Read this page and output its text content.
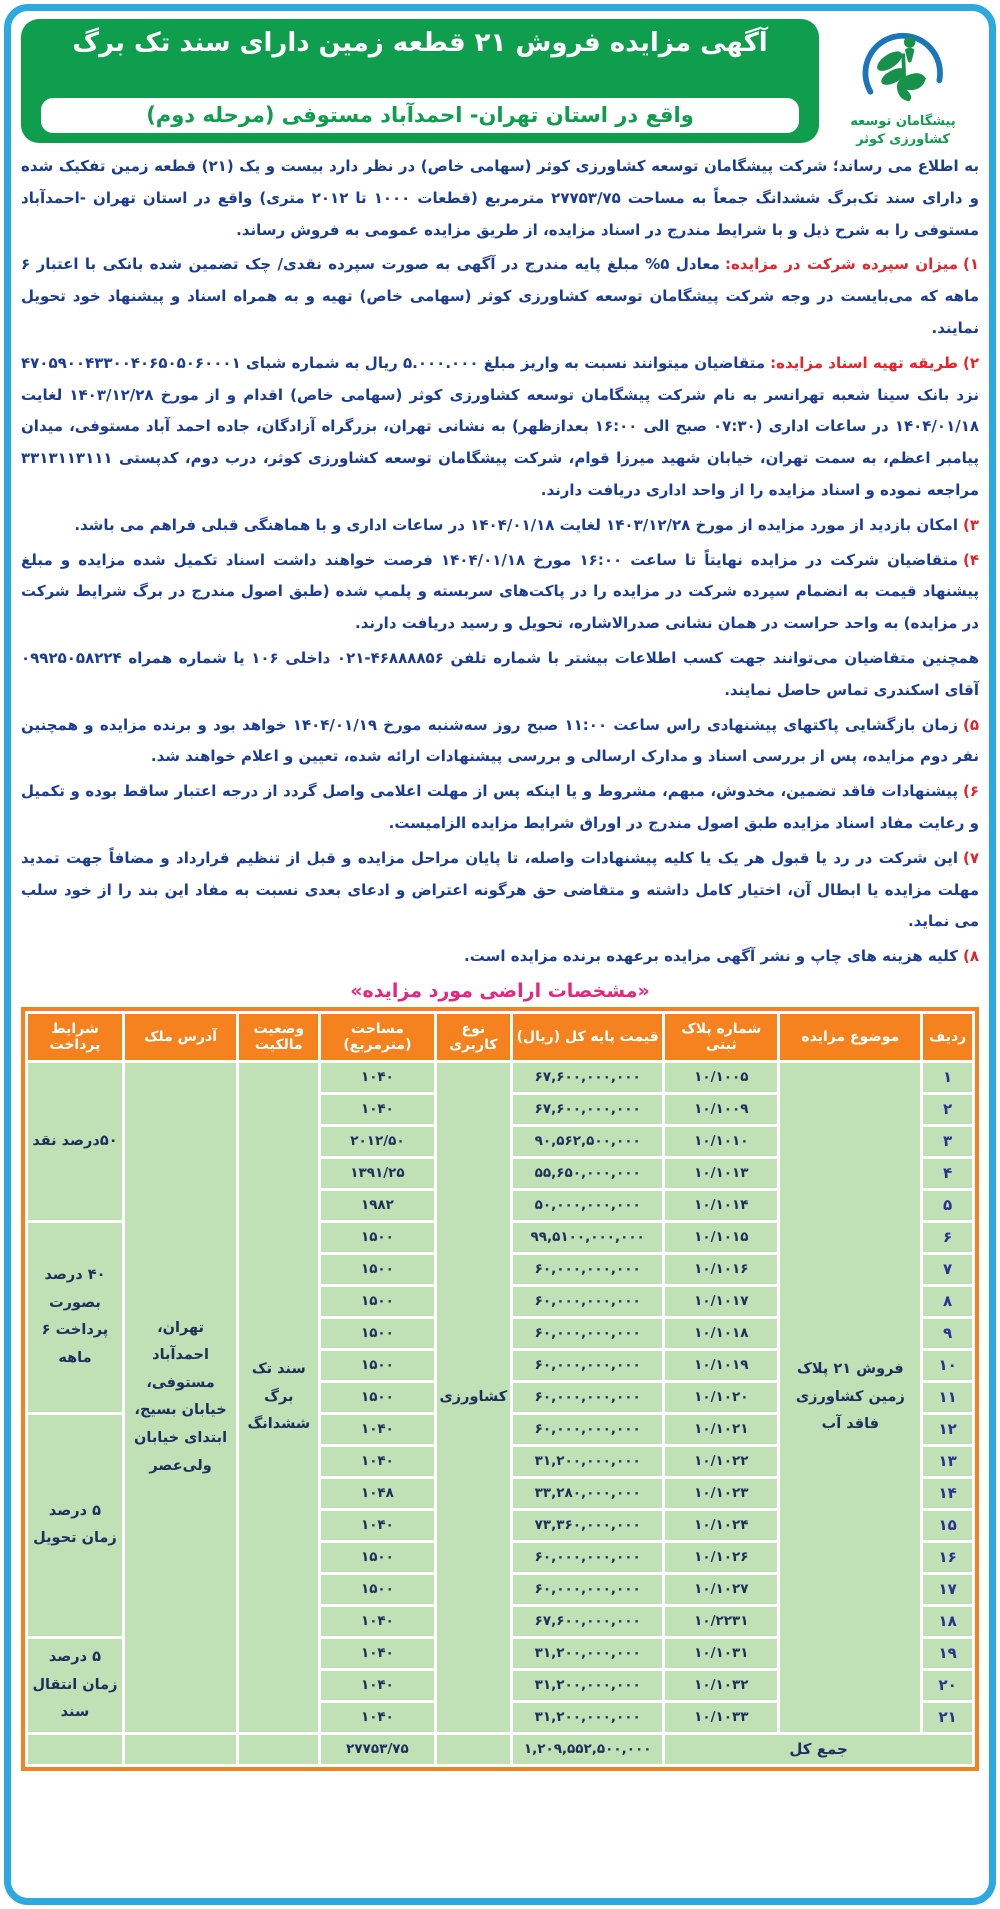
پیشگامان توسعه
کشاورزی کوثر
آگهی مزایده فروش ۲۱ قطعه زمین دارای سند تک برگ
واقع در استان تهران- احمدآباد مستوفی (مرحله دوم)

به اطلاع می رساند؛ شرکت پیشگامان توسعه کشاورزی کوثر (سهامی خاص) در نظر دارد بیست و یک (۲۱) قطعه زمین تفکیک شده و دارای سند تک‌برگ ششدانگ جمعاً به مساحت ۲۷۷۵۳/۷۵ مترمربع (قطعات ۱۰۰۰ تا ۲۰۱۲ متری) واقع در استان تهران -احمدآباد مستوفی را به شرح ذیل و با شرایط مندرج در اسناد مزایده، از طریق مزایده عمومی به فروش رساند.

۱)میزان سپرده شرکت در مزایده:معادل ۵% مبلغ پایه مندرج در آگهی به صورت سپرده نقدی/ چک تضمین شده بانکی با اعتبار ۶ ماهه که می‌بایست در وجه شرکت پیشگامان توسعه کشاورزی کوثر (سهامی خاص) تهیه و به همراه اسناد و پیشنهاد خود تحویل نمایند.

۲)طریقه تهیه اسناد مزایده:متقاضیان میتوانند نسبت به واریز مبلغ ۵.۰۰۰.۰۰۰ ریال به شماره شبای ۴۷۰۵۹۰۰۴۳۳۰۰۴۰۶۵۰۵۰۶۰۰۰۱ نزد بانک سینا شعبه تهرانسر به نام شرکت پیشگامان توسعه کشاورزی کوثر (سهامی خاص) اقدام و از مورخ ۱۴۰۳/۱۲/۲۸ لغایت ۱۴۰۴/۰۱/۱۸ در ساعات اداری (۰۷:۳۰ صبح الی ۱۶:۰۰ بعدازظهر) به نشانی تهران، بزرگراه آزادگان، جاده احمد آباد مستوفی، میدان پیامبر اعظم، به سمت تهران، خیابان شهید میرزا قوام، شرکت پیشگامان توسعه کشاورزی کوثر، درب دوم، کدپستی ۳۳۱۳۱۱۳۱۱۱ مراجعه نموده و اسناد مزایده را از واحد اداری دریافت دارند.

۳)امکان بازدید از مورد مزایده از مورخ ۱۴۰۳/۱۲/۲۸ لغایت ۱۴۰۴/۰۱/۱۸ در ساعات اداری و با هماهنگی قبلی فراهم می باشد.

۴)متقاضیان شرکت در مزایده نهایتاً تا ساعت ۱۶:۰۰ مورخ ۱۴۰۴/۰۱/۱۸ فرصت خواهند داشت اسناد تکمیل شده مزایده و مبلغ پیشنهاد قیمت به انضمام سپرده شرکت در مزایده را در پاکت‌های سربسته و پلمپ شده (طبق اصول مندرج در برگ شرایط شرکت در مزایده) به واحد حراست در همان نشانی صدرالاشاره، تحویل و رسید دریافت دارند.

همچنین متقاضیان می‌توانند جهت کسب اطلاعات بیشتر با شماره تلفن ۴۶۸۸۸۸۵۶-۰۲۱ داخلی ۱۰۶ یا شماره همراه ۰۹۹۲۵۰۵۸۲۲۴ آقای اسکندری تماس حاصل نمایند.

۵)زمان بازگشایی پاکتهای پیشنهادی راس ساعت ۱۱:۰۰ صبح روز سه‌شنبه مورخ ۱۴۰۴/۰۱/۱۹ خواهد بود و برنده مزایده و همچنین نفر دوم مزایده، پس از بررسی اسناد و مدارک ارسالی و بررسی پیشنهادات ارائه شده، تعیین و اعلام خواهند شد.

۶)پیشنهادات فاقد تضمین، مخدوش، مبهم، مشروط و یا اینکه پس از مهلت اعلامی واصل گردد از درجه اعتبار ساقط بوده و تکمیل و رعایت مفاد اسناد مزایده طبق اصول مندرج در اوراق شرایط مزایده الزامیست.

۷)این شرکت در رد یا قبول هر یک یا کلیه پیشنهادات واصله، تا پایان مراحل مزایده و قبل از تنظیم قرارداد و مضافاً جهت تمدید مهلت مزایده یا ابطال آن، اختیار کامل داشته و متقاضی حق هرگونه اعتراض و ادعای بعدی نسبت به مفاد این بند را از خود سلب می نماید.

۸)کلیه هزینه های چاپ و نشر آگهی مزایده برعهده برنده مزایده است.

«مشخصات اراضی مورد مزایده»
ردیف	موضوع مزایده	شماره پلاک ثبتی	قیمت پایه کل (ریال)	نوع کاربری	مساحت (مترمربع)	وضعیت مالکیت	آدرس ملک	شرایط پرداخت
۱	فروش ۲۱ پلاک زمین کشاورزی فاقد آب	۱۰/۱۰۰۵	۶۷,۶۰۰,۰۰۰,۰۰۰	کشاورزی	۱۰۴۰	سند تک برگ ششدانگ	تهران، احمدآباد مستوفی، خیابان بسیج، ابتدای خیابان ولی‌عصر	۵۰درصد نقد
۲		۱۰/۱۰۰۹	۶۷,۶۰۰,۰۰۰,۰۰۰		۱۰۴۰			
۳		۱۰/۱۰۱۰	۹۰,۵۶۲,۵۰۰,۰۰۰		۲۰۱۲/۵۰			
۴		۱۰/۱۰۱۳	۵۵,۶۵۰,۰۰۰,۰۰۰		۱۳۹۱/۲۵			
۵		۱۰/۱۰۱۴	۵۰,۰۰۰,۰۰۰,۰۰۰		۱۹۸۲			
۶		۱۰/۱۰۱۵	۹۹,۵۱۰۰,۰۰۰,۰۰۰		۱۵۰۰			۴۰ درصد بصورت پرداخت ۶ ماهه
۷		۱۰/۱۰۱۶	۶۰,۰۰۰,۰۰۰,۰۰۰		۱۵۰۰			
۸		۱۰/۱۰۱۷	۶۰,۰۰۰,۰۰۰,۰۰۰		۱۵۰۰			
۹		۱۰/۱۰۱۸	۶۰,۰۰۰,۰۰۰,۰۰۰		۱۵۰۰			
۱۰		۱۰/۱۰۱۹	۶۰,۰۰۰,۰۰۰,۰۰۰		۱۵۰۰			
۱۱		۱۰/۱۰۲۰	۶۰,۰۰۰,۰۰۰,۰۰۰		۱۵۰۰			
۱۲		۱۰/۱۰۲۱	۶۰,۰۰۰,۰۰۰,۰۰۰		۱۰۴۰			۵ درصد زمان تحویل
۱۳		۱۰/۱۰۲۲	۳۱,۲۰۰,۰۰۰,۰۰۰		۱۰۴۰			
۱۴		۱۰/۱۰۲۳	۳۳,۲۸۰,۰۰۰,۰۰۰		۱۰۴۸			
۱۵		۱۰/۱۰۲۴	۷۳,۳۶۰,۰۰۰,۰۰۰		۱۰۴۰			
۱۶		۱۰/۱۰۲۶	۶۰,۰۰۰,۰۰۰,۰۰۰		۱۵۰۰			
۱۷		۱۰/۱۰۲۷	۶۰,۰۰۰,۰۰۰,۰۰۰		۱۵۰۰			
۱۸		۱۰/۲۲۳۱	۶۷,۶۰۰,۰۰۰,۰۰۰		۱۰۴۰			
۱۹		۱۰/۱۰۳۱	۳۱,۲۰۰,۰۰۰,۰۰۰		۱۰۴۰			۵ درصد زمان انتقال سند
۲۰		۱۰/۱۰۳۲	۳۱,۲۰۰,۰۰۰,۰۰۰		۱۰۴۰			
۲۱		۱۰/۱۰۳۳	۳۱,۲۰۰,۰۰۰,۰۰۰		۱۰۴۰			
جمع کل			۱,۲۰۹,۵۵۲,۵۰۰,۰۰۰		۲۷۷۵۳/۷۵			
